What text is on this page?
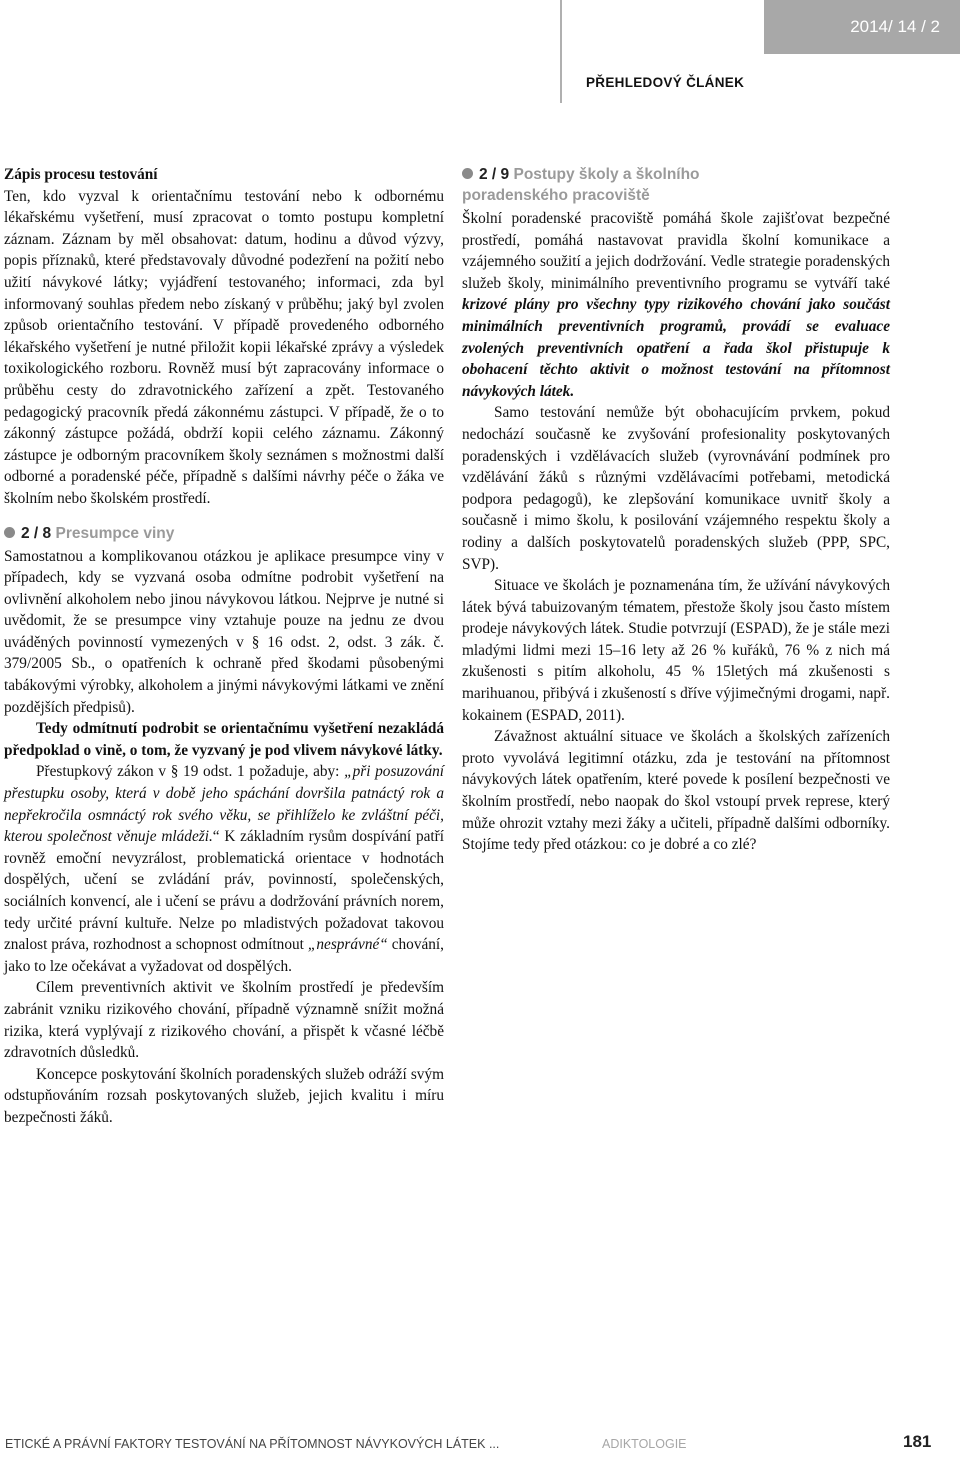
2014/ 14 / 2
PŘEHLEDOVÝ ČLÁNEK

Zápis procesu testování

Ten, kdo vyzval k orientačnímu testování nebo k odbornému lékařskému vyšetření, musí zpracovat o tomto postupu kompletní záznam. Záznam by měl obsahovat: datum, hodinu a důvod výzvy, popis příznaků, které představovaly důvodné podezření na požití nebo užití návykové látky; vyjádření testovaného; informaci, zda byl informovaný souhlas předem nebo získaný v průběhu; jaký byl zvolen způsob orientačního testování. V případě provedeného odborného lékařského vyšetření je nutné přiložit kopii lékařské zprávy a výsledek toxikologického rozboru. Rovněž musí být zapracovány informace o průběhu cesty do zdravotnického zařízení a zpět. Testovaného pedagogický pracovník předá zákonnému zástupci. V případě, že o to zákonný zástupce požádá, obdrží kopii celého záznamu. Zákonný zástupce je odborným pracovníkem školy seznámen s možnostmi další odborné a poradenské péče, případně s dalšími návrhy péče o žáka ve školním nebo školském prostředí.

2 / 8 Presumpce viny

Samostatnou a komplikovanou otázkou je aplikace presumpce viny v případech, kdy se vyzvaná osoba odmítne podrobit vyšetření na ovlivnění alkoholem nebo jinou návykovou látkou. Nejprve je nutné si uvědomit, že se presumpce viny vztahuje pouze na jednu ze dvou uváděných povinností vymezených v § 16 odst. 2, odst. 3 zák. č. 379/2005 Sb., o opatřeních k ochraně před škodami působenými tabákovými výrobky, alkoholem a jinými návykovými látkami ve znění pozdějších předpisů).

Tedy odmítnutí podrobit se orientačnímu vyšetření nezakládá předpoklad o vině, o tom, že vyzvaný je pod vlivem návykové látky.

Přestupkový zákon v § 19 odst. 1 požaduje, aby: „při posuzování přestupku osoby, která v době jeho spáchání dovršila patnáctý rok a nepřekročila osmnáctý rok svého věku, se přihlíželo ke zvláštní péči, kterou společnost věnuje mládeži.“ K základním rysům dospívání patří rovněž emoční nevyzrálost, problematická orientace v hodnotách dospělých, učení se zvládání práv, povinností, společenských, sociálních konvencí, ale i učení se právu a dodržování právních norem, tedy určité právní kultuře. Nelze po mladistvých požadovat takovou znalost práva, rozhodnost a schopnost odmítnout „nesprávné“ chování, jako to lze očekávat a vyžadovat od dospělých.

Cílem preventivních aktivit ve školním prostředí je především zabránit vzniku rizikového chování, případně významně snížit možná rizika, která vyplývají z rizikového chování, a přispět k včasné léčbě zdravotních důsledků.

Koncepce poskytování školních poradenských služeb odráží svým odstupňováním rozsah poskytovaných služeb, jejich kvalitu i míru bezpečnosti žáků.

2 / 9 Postupy školy a školního
poradenského pracoviště

Školní poradenské pracoviště pomáhá škole zajišťovat bezpečné prostředí, pomáhá nastavovat pravidla školní komunikace a vzájemného soužití a jejich dodržování. Vedle strategie poradenských služeb školy, minimálního preventivního programu se vytváří také krizové plány pro všechny typy rizikového chování jako součást minimálních preventivních programů, provádí se evaluace zvolených preventivních opatření a řada škol přistupuje k obohacení těchto aktivit o možnost testování na přítomnost návykových látek.

Samo testování nemůže být obohacujícím prvkem, pokud nedochází současně ke zvyšování profesionality poskytovaných poradenských i vzdělávacích služeb (vyrovnávání podmínek pro vzdělávání žáků s různými vzdělávacími potřebami, metodická podpora pedagogů), ke zlepšování komunikace uvnitř školy a současně i mimo školu, k posilování vzájemného respektu školy a rodiny a dalších poskytovatelů poradenských služeb (PPP, SPC, SVP).

Situace ve školách je poznamenána tím, že užívání návykových látek bývá tabuizovaným tématem, přestože školy jsou často místem prodeje návykových látek. Studie potvrzují (ESPAD), že je stále mezi mladými lidmi mezi 15–16 lety až 26 % kuřáků, 76 % z nich má zkušenosti s pitím alkoholu, 45 % 15letých má zkušenosti s marihuanou, přibývá i zkušeností s dříve výjimečnými drogami, např. kokainem (ESPAD, 2011).

Závažnost aktuální situace ve školách a školských zařízeních proto vyvolává legitimní otázku, zda je testování na přítomnost návykových látek opatřením, které povede k posílení bezpečnosti ve školním prostředí, nebo naopak do škol vstoupí prvek represe, který může ohrozit vztahy mezi žáky a učiteli, případně dalšími odborníky. Stojíme tedy před otázkou: co je dobré a co zlé?

ETICKÉ A PRÁVNÍ FAKTORY TESTOVÁNÍ NA PŘÍTOMNOST NÁVYKOVÝCH LÁTEK ...	ADIKTOLOGIE	181
